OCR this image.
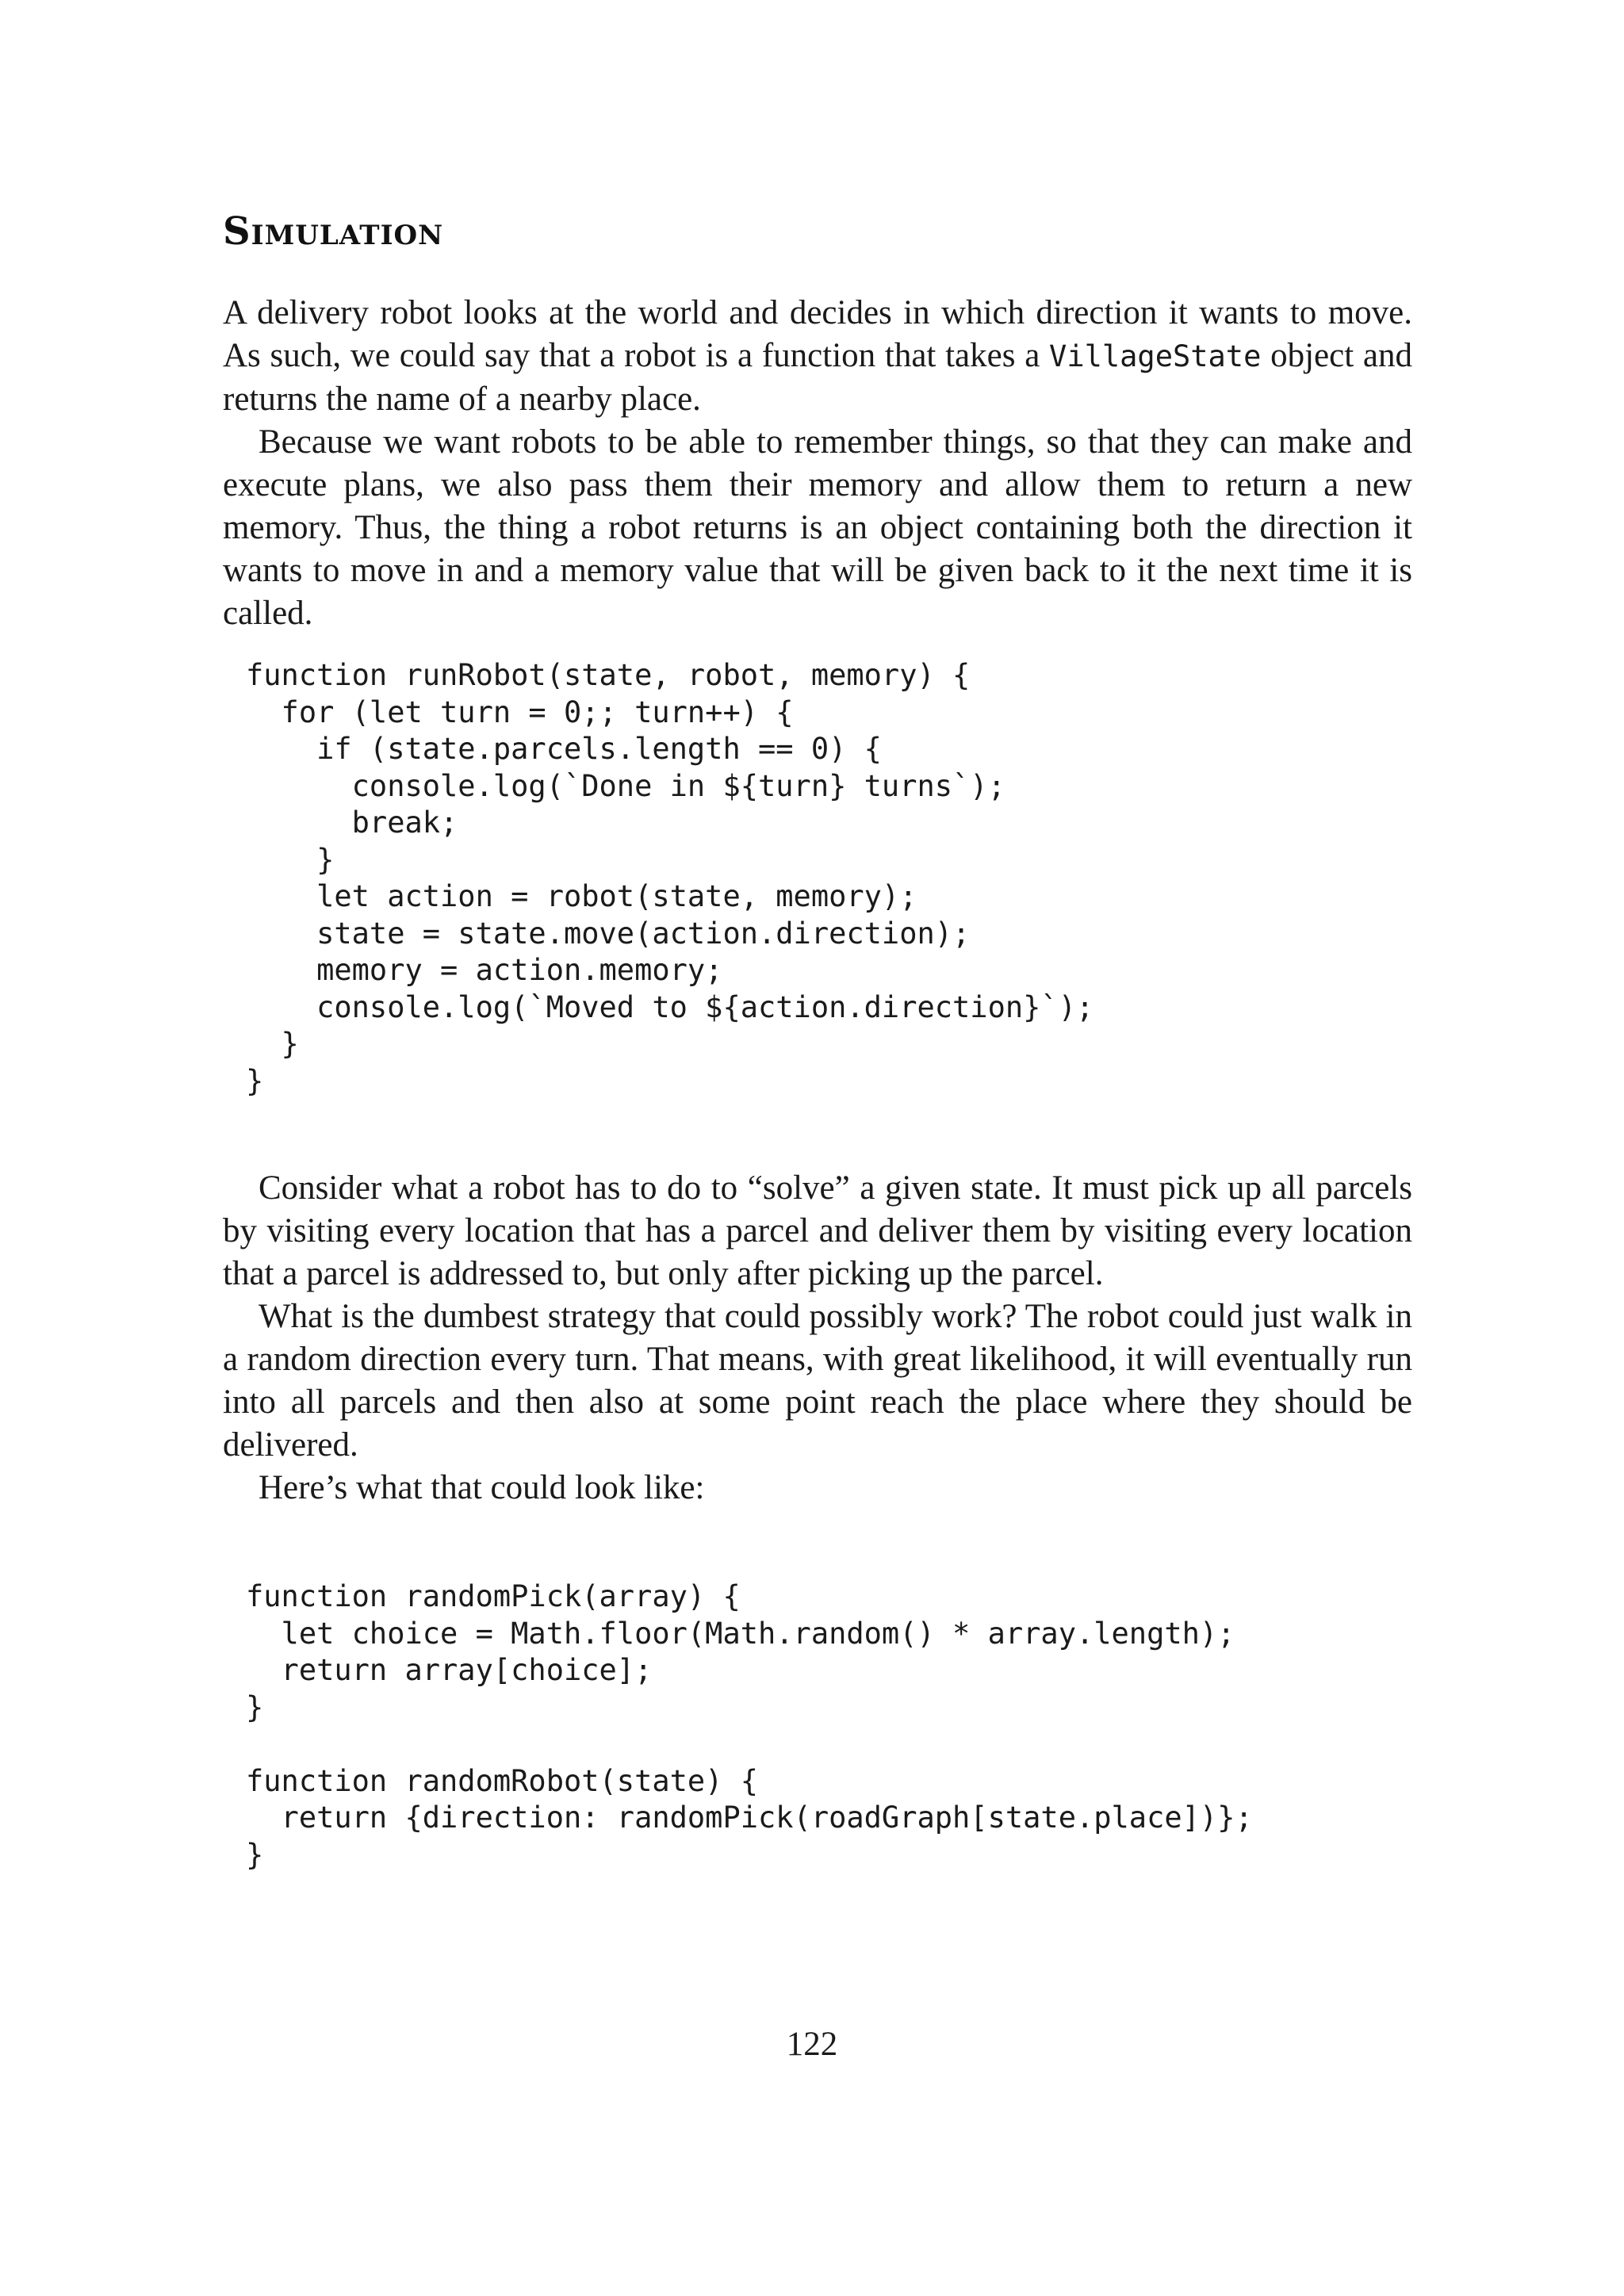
Simulation

A delivery robot looks at the world and decides in which direction it wants to move. As such, we could say that a robot is a function that takes a VillageState object and returns the name of a nearby place.

Because we want robots to be able to remember things, so that they can make and execute plans, we also pass them their memory and allow them to return a new memory. Thus, the thing a robot returns is an object containing both the direction it wants to move in and a memory value that will be given back to it the next time it is called.

function runRobot(state, robot, memory) {
for (let turn = 0;; turn++) {
if (state.parcels.length == 0) {
console.log(`Done in ${turn} turns`);
break;
}
let action = robot(state, memory);
state = state.move(action.direction);
memory = action.memory;
console.log(`Moved to ${action.direction}`);
}
}

Consider what a robot has to do to “solve” a given state. It must pick up all parcels by visiting every location that has a parcel and deliver them by visiting every location that a parcel is addressed to, but only after picking up the parcel.

What is the dumbest strategy that could possibly work? The robot could just walk in a random direction every turn. That means, with great likelihood, it will eventually run into all parcels and then also at some point reach the place where they should be delivered.

Here’s what that could look like:

function randomPick(array) {
let choice = Math.floor(Math.random() * array.length);
return array[choice];
}

function randomRobot(state) {
return {direction: randomPick(roadGraph[state.place])};
}
122
